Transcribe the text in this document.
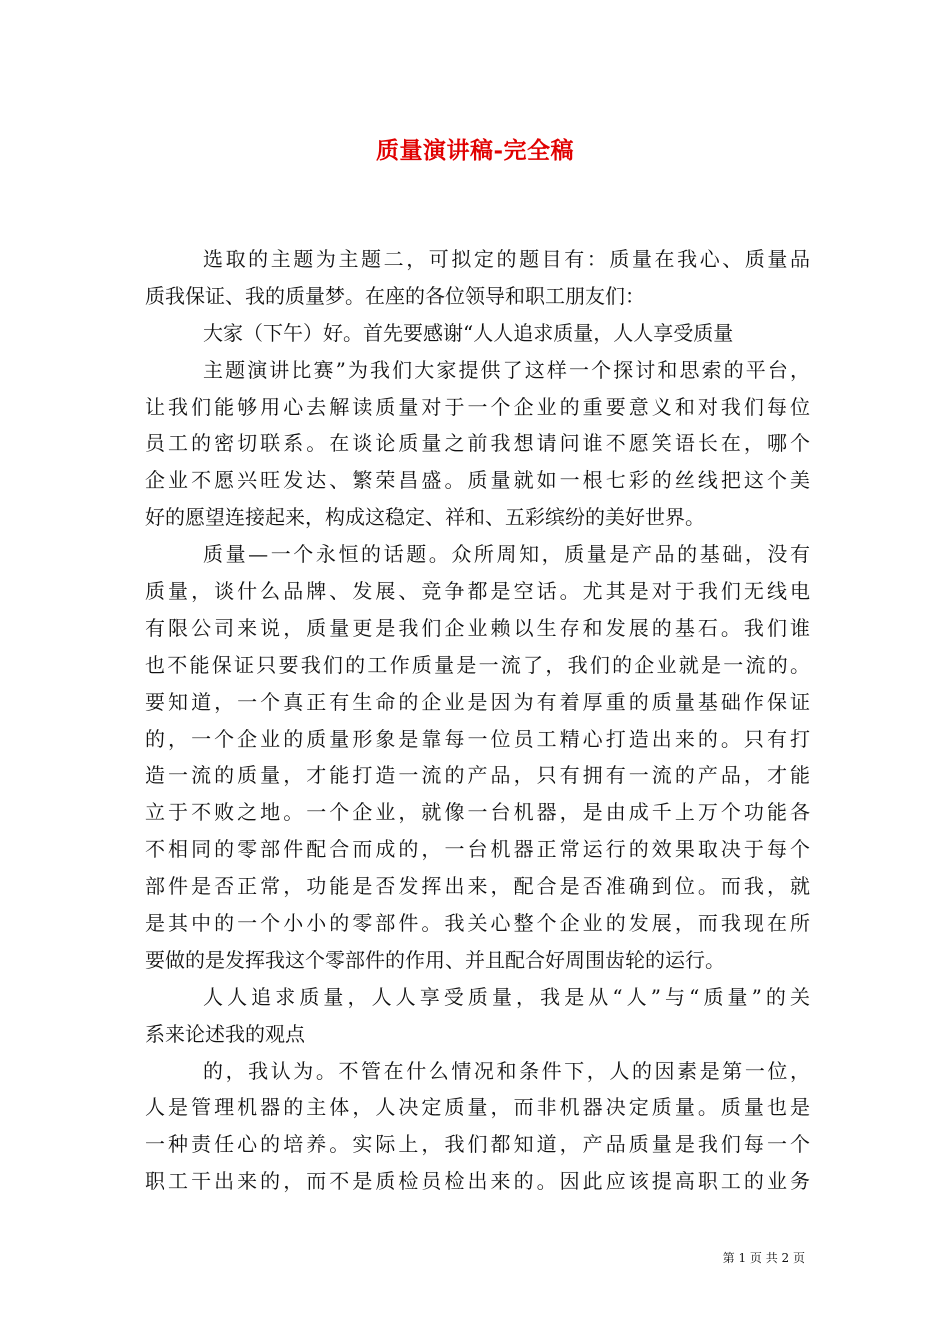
质量演讲稿-完全稿
选取的主题为主题二，可拟定的题目有：质量在我心、质量品
质我保证、我的质量梦。在座的各位领导和职工朋友们：
大家（下午）好。首先要感谢“人人追求质量，人人享受质量
主题演讲比赛”为我们大家提供了这样一个探讨和思索的平台，
让我们能够用心去解读质量对于一个企业的重要意义和对我们每位
员工的密切联系。在谈论质量之前我想请问谁不愿笑语长在，哪个
企业不愿兴旺发达、繁荣昌盛。质量就如一根七彩的丝线把这个美
好的愿望连接起来，构成这稳定、祥和、五彩缤纷的美好世界。
质量—一个永恒的话题。众所周知，质量是产品的基础，没有
质量，谈什么品牌、发展、竞争都是空话。尤其是对于我们无线电
有限公司来说，质量更是我们企业赖以生存和发展的基石。我们谁
也不能保证只要我们的工作质量是一流了，我们的企业就是一流的。
要知道，一个真正有生命的企业是因为有着厚重的质量基础作保证
的，一个企业的质量形象是靠每一位员工精心打造出来的。只有打
造一流的质量，才能打造一流的产品，只有拥有一流的产品，才能
立于不败之地。一个企业，就像一台机器，是由成千上万个功能各
不相同的零部件配合而成的，一台机器正常运行的效果取决于每个
部件是否正常，功能是否发挥出来，配合是否准确到位。而我，就
是其中的一个小小的零部件。我关心整个企业的发展，而我现在所
要做的是发挥我这个零部件的作用、并且配合好周围齿轮的运行。
人人追求质量，人人享受质量，我是从“人”与“质量”的关
系来论述我的观点
的，我认为。不管在什么情况和条件下，人的因素是第一位，
人是管理机器的主体，人决定质量，而非机器决定质量。质量也是
一种责任心的培养。实际上，我们都知道，产品质量是我们每一个
职工干出来的，而不是质检员检出来的。因此应该提高职工的业务
第 1 页 共 2 页
